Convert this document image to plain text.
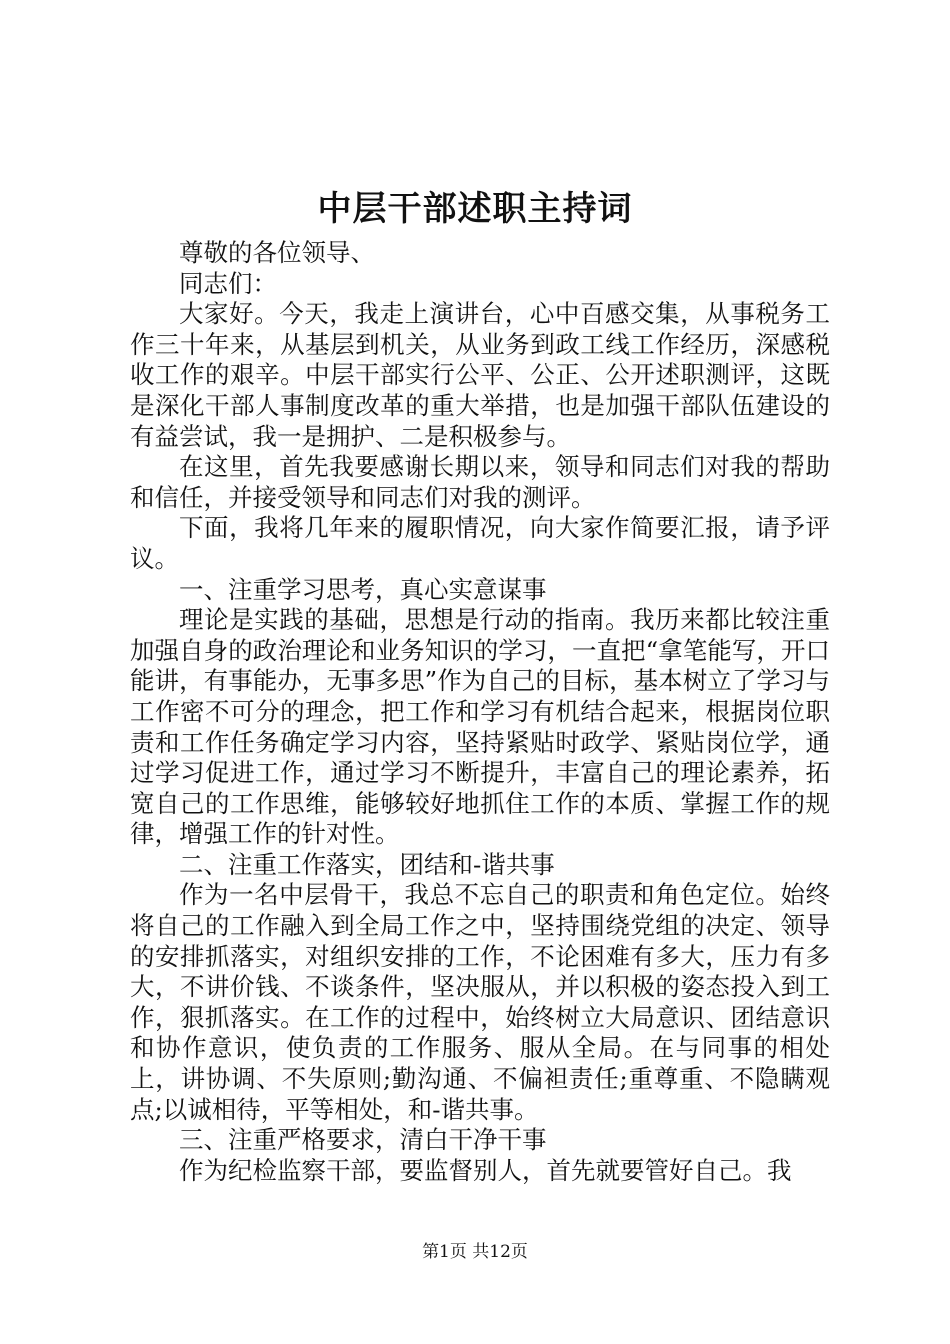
中层干部述职主持词

尊敬的各位领导、

同志们：

大家好。今天，我走上演讲台，心中百感交集，从事税务工作三十年来，从基层到机关，从业务到政工线工作经历，深感税收工作的艰辛。中层干部实行公平、公正、公开述职测评，这既是深化干部人事制度改革的重大举措，也是加强干部队伍建设的有益尝试，我一是拥护、二是积极参与。

在这里，首先我要感谢长期以来，领导和同志们对我的帮助和信任，并接受领导和同志们对我的测评。

下面，我将几年来的履职情况，向大家作简要汇报，请予评议。

一、注重学习思考，真心实意谋事

理论是实践的基础，思想是行动的指南。我历来都比较注重加强自身的政治理论和业务知识的学习，一直把“拿笔能写，开口能讲，有事能办，无事多思”作为自己的目标，基本树立了学习与工作密不可分的理念，把工作和学习有机结合起来，根据岗位职责和工作任务确定学习内容，坚持紧贴时政学、紧贴岗位学，通过学习促进工作，通过学习不断提升，丰富自己的理论素养，拓宽自己的工作思维，能够较好地抓住工作的本质、掌握工作的规律，增强工作的针对性。

二、注重工作落实，团结和-谐共事

作为一名中层骨干，我总不忘自己的职责和角色定位。始终将自己的工作融入到全局工作之中，坚持围绕党组的决定、领导的安排抓落实，对组织安排的工作，不论困难有多大，压力有多大，不讲价钱、不谈条件，坚决服从，并以积极的姿态投入到工作，狠抓落实。在工作的过程中，始终树立大局意识、团结意识和协作意识，使负责的工作服务、服从全局。在与同事的相处上，讲协调、不失原则;勤沟通、不偏袒责任;重尊重、不隐瞒观点;以诚相待，平等相处，和-谐共事。

三、注重严格要求，清白干净干事

作为纪检监察干部，要监督别人，首先就要管好自己。我

第1页 共12页
